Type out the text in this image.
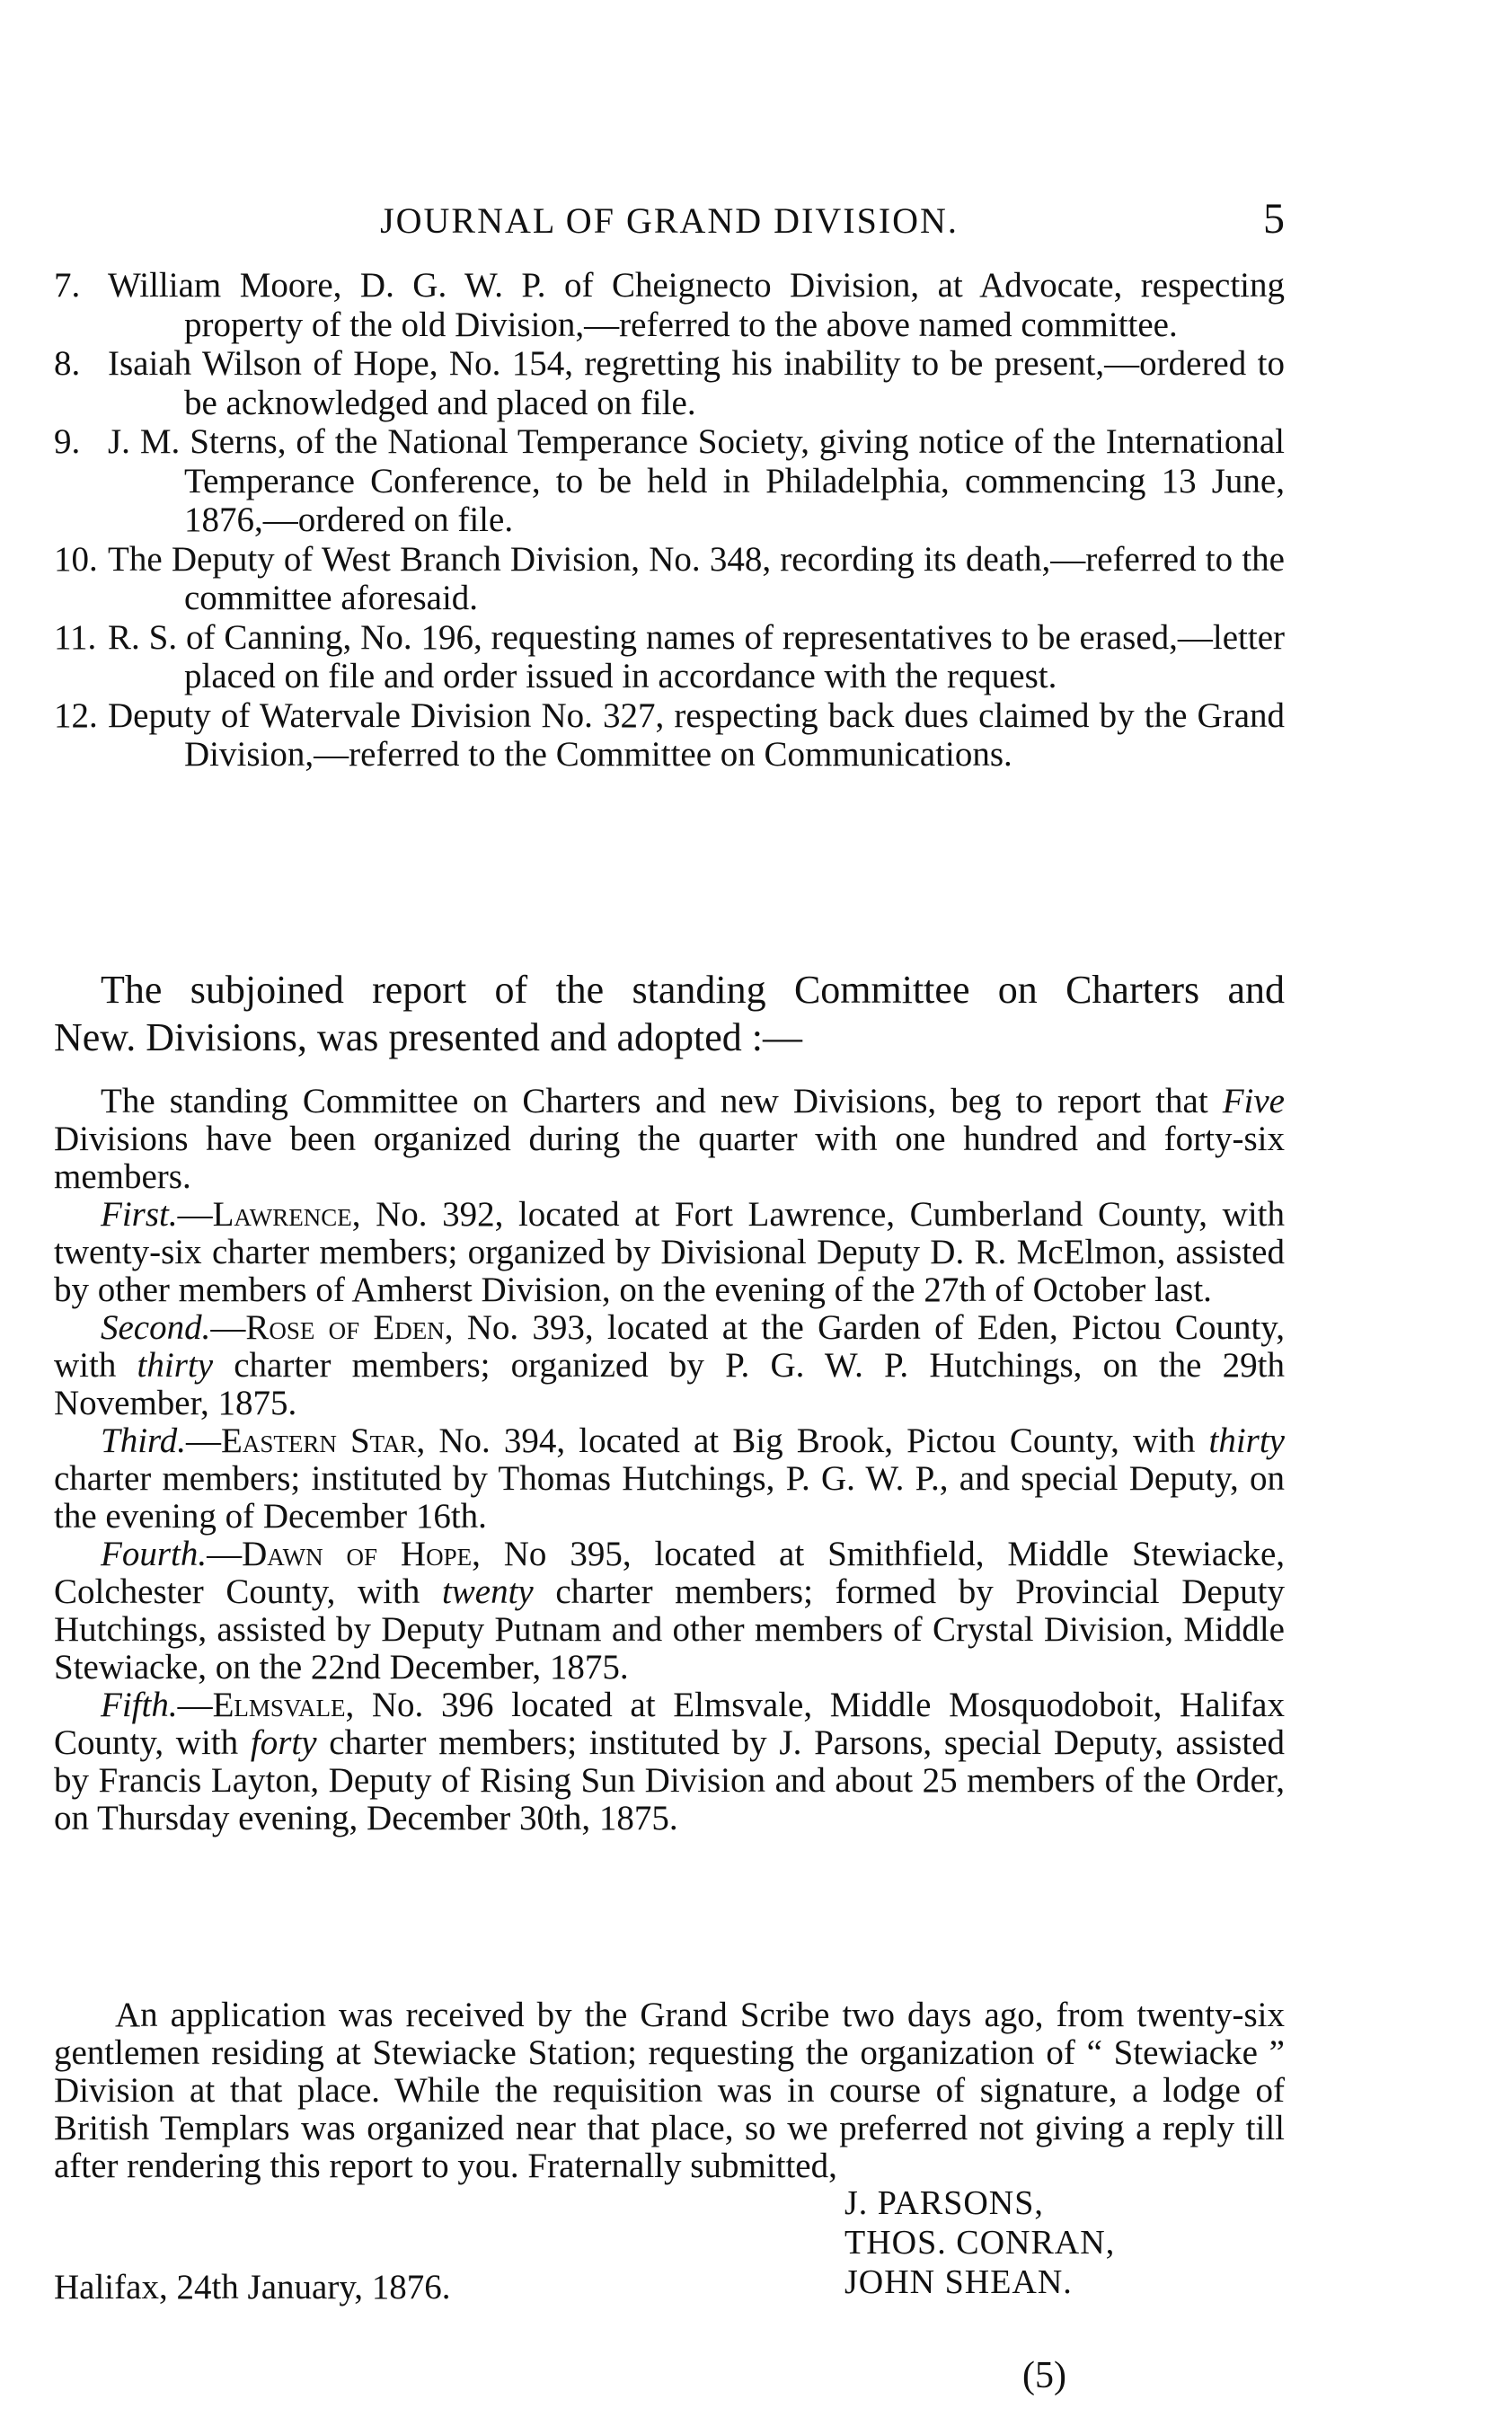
JOURNAL OF GRAND DIVISION.	5

7. William Moore, D. G. W. P. of Cheignecto Division, at Advocate, respecting property of the old Division,—referred to the above named committee.

8. Isaiah Wilson of Hope, No. 154, regretting his inability to be present,—ordered to be acknowledged and placed on file.

9. J. M. Sterns, of the National Temperance Society, giving notice of the International Temperance Conference, to be held in Philadelphia, commencing 13 June, 1876,—ordered on file.

10. The Deputy of West Branch Division, No. 348, recording its death,—referred to the committee aforesaid.

11. R. S. of Canning, No. 196, requesting names of representatives to be erased,—letter placed on file and order issued in accordance with the request.

12. Deputy of Watervale Division No. 327, respecting back dues claimed by the Grand Division,—referred to the Committee on Communications.

The subjoined report of the standing Committee on Charters and

New. Divisions, was presented and adopted :—

The standing Committee on Charters and new Divisions, beg to report that Five Divisions have been organized during the quarter with one hundred and forty-six members.

First.—Lawrence, No. 392, located at Fort Lawrence, Cumberland County, with twenty-six charter members; organized by Divisional Deputy D. R. McElmon, assisted by other members of Amherst Division, on the evening of the 27th of October last.

Second.—Rose of Eden, No. 393, located at the Garden of Eden, Pictou County, with thirty charter members; organized by P. G. W. P. Hutchings, on the 29th November, 1875.

Third.—Eastern Star, No. 394, located at Big Brook, Pictou County, with thirty charter members; instituted by Thomas Hutchings, P. G. W. P., and special Deputy, on the evening of December 16th.

Fourth.—Dawn of Hope, No 395, located at Smithfield, Middle Stewiacke, Colchester County, with twenty charter members; formed by Provincial Deputy Hutchings, assisted by Deputy Putnam and other members of Crystal Division, Middle Stewiacke, on the 22nd December, 1875.

Fifth.—Elmsvale, No. 396 located at Elmsvale, Middle Mosquodoboit, Halifax County, with forty charter members; instituted by J. Parsons, special Deputy, assisted by Francis Layton, Deputy of Rising Sun Division and about 25 members of the Order, on Thursday evening, December 30th, 1875.

An application was received by the Grand Scribe two days ago, from twenty-six gentlemen residing at Stewiacke Station; requesting the organization of “ Stewiacke ” Division at that place. While the requisition was in course of signature, a lodge of British Templars was organized near that place, so we preferred not giving a reply till after rendering this report to you. Fraternally submitted,

J. PARSONS,
THOS. CONRAN,
JOHN SHEAN.
Halifax, 24th January, 1876.
(5)
